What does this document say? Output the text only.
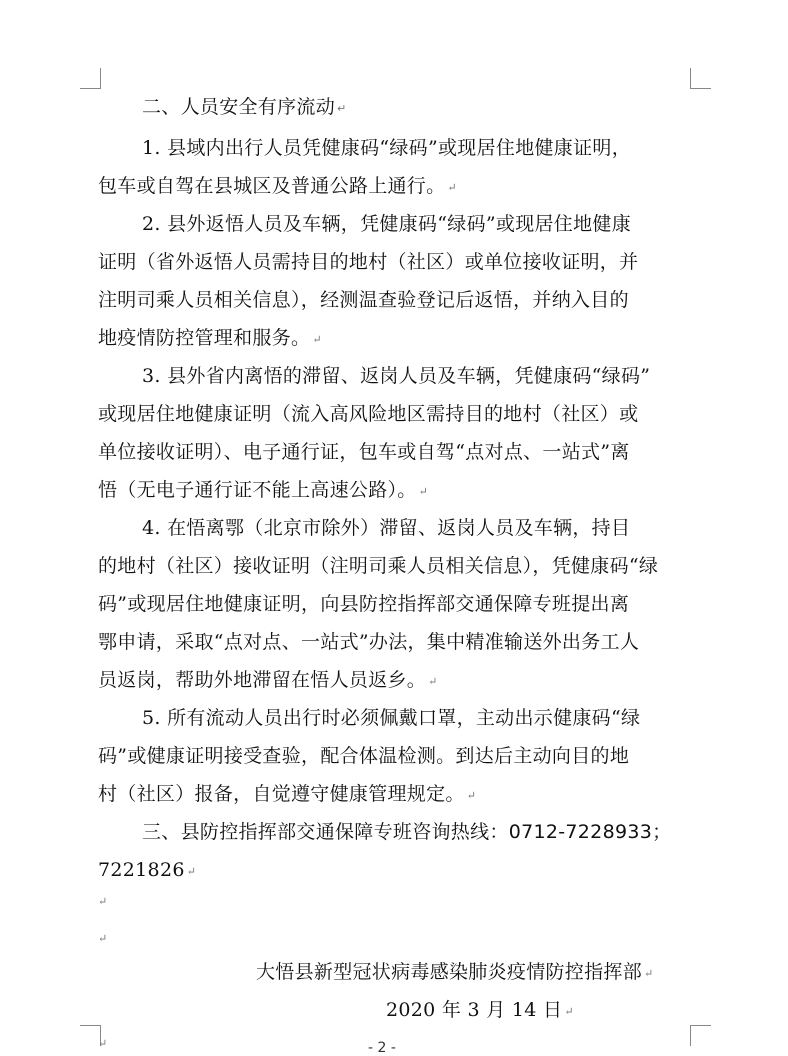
二、人员安全有序流动 ↵
1. 县域内出行人员凭健康码“绿码”或现居住地健康证明，
包车或自驾在县城区及普通公路上通行。 ↵
2. 县外返悟人员及车辆，凭健康码“绿码”或现居住地健康
证明（省外返悟人员需持目的地村（社区）或单位接收证明，并
注明司乘人员相关信息），经测温查验登记后返悟，并纳入目的
地疫情防控管理和服务。 ↵
3. 县外省内离悟的滞留、返岗人员及车辆，凭健康码“绿码”
或现居住地健康证明（流入高风险地区需持目的地村（社区）或
单位接收证明）、电子通行证，包车或自驾“点对点、一站式”离
悟（无电子通行证不能上高速公路）。 ↵
4. 在悟离鄂（北京市除外）滞留、返岗人员及车辆，持目
的地村（社区）接收证明（注明司乘人员相关信息），凭健康码“绿
码”或现居住地健康证明，向县防控指挥部交通保障专班提出离
鄂申请，采取“点对点、一站式”办法，集中精准输送外出务工人
员返岗，帮助外地滞留在悟人员返乡。 ↵
5. 所有流动人员出行时必须佩戴口罩，主动出示健康码“绿
码”或健康证明接受查验，配合体温检测。到达后主动向目的地
村（社区）报备，自觉遵守健康管理规定。 ↵
三、县防控指挥部交通保障专班咨询热线：0712-7228933；
7221826 ↵
↵
↵
大悟县新型冠状病毒感染肺炎疫情防控指挥部 ↵
2020 年 3 月 14 日 ↵
↵	- 2 -
